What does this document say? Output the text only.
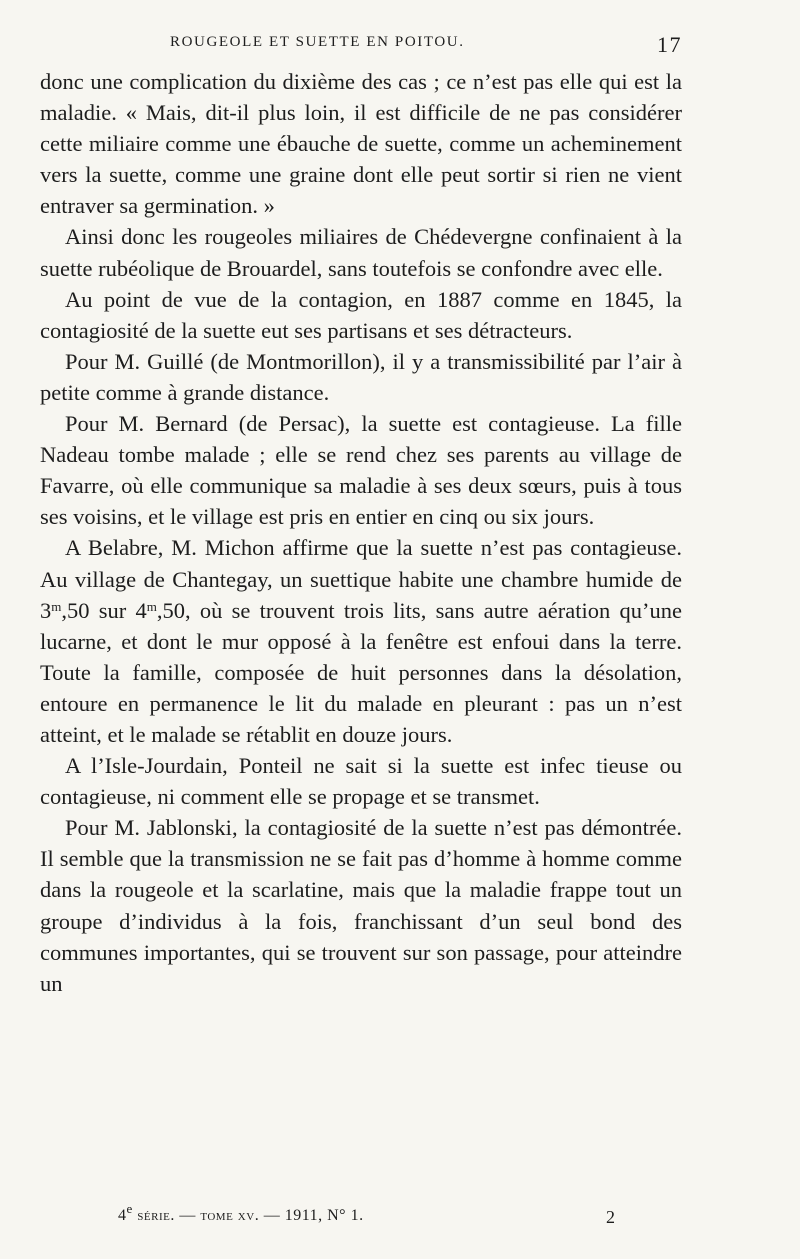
ROUGEOLE ET SUETTE EN POITOU.	17

donc une complication du dixième des cas ; ce n’est pas elle qui est la maladie. « Mais, dit-il plus loin, il est difficile de ne pas considérer cette miliaire comme une ébauche de suette, comme un acheminement vers la suette, comme une graine dont elle peut sortir si rien ne vient entraver sa germination. »

Ainsi donc les rougeoles miliaires de Chédevergne confinaient à la suette rubéolique de Brouardel, sans toutefois se confondre avec elle.

Au point de vue de la contagion, en 1887 comme en 1845, la contagiosité de la suette eut ses partisans et ses détracteurs.

Pour M. Guillé (de Montmorillon), il y a transmissibilité par l’air à petite comme à grande distance.

Pour M. Bernard (de Persac), la suette est contagieuse. La fille Nadeau tombe malade ; elle se rend chez ses parents au village de Favarre, où elle communique sa maladie à ses deux sœurs, puis à tous ses voisins, et le village est pris en entier en cinq ou six jours.

A Belabre, M. Michon affirme que la suette n’est pas contagieuse. Au village de Chantegay, un suettique habite une chambre humide de 3$^m$,50 sur 4$^m$,50, où se trouvent trois lits, sans autre aération qu’une lucarne, et dont le mur opposé à la fenêtre est enfoui dans la terre. Toute la famille, composée de huit personnes dans la désolation, entoure en permanence le lit du malade en pleurant : pas un n’est atteint, et le malade se rétablit en douze jours.

A l’Isle-Jourdain, Ponteil ne sait si la suette est infec tieuse ou contagieuse, ni comment elle se propage et se transmet.

Pour M. Jablonski, la contagiosité de la suette n’est pas démontrée. Il semble que la transmission ne se fait pas d’homme à homme comme dans la rougeole et la scarlatine, mais que la maladie frappe tout un groupe d’individus à la fois, franchissant d’un seul bond des communes importantes, qui se trouvent sur son passage, pour atteindre un

4e série. — tome xv. — 1911, N° 1.	2
